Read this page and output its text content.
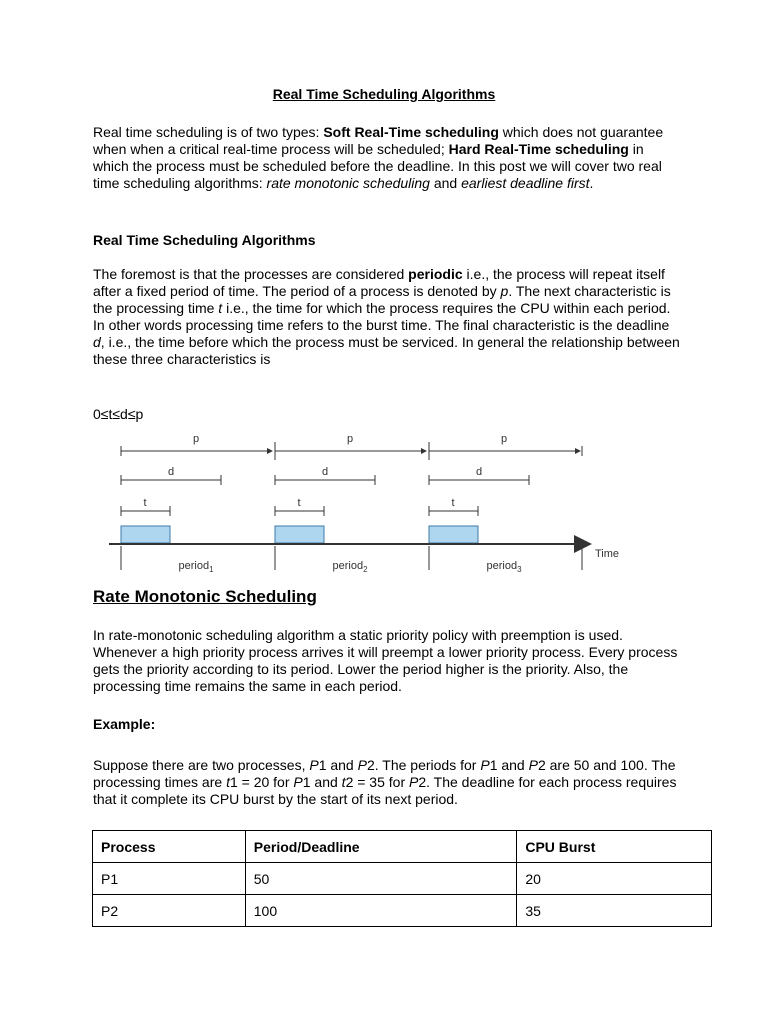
Real Time Scheduling Algorithms

Real time scheduling is of two types: Soft Real-Time scheduling which does not guarantee when when a critical real-time process will be scheduled; Hard Real-Time scheduling in which the process must be scheduled before the deadline. In this post we will cover two real time scheduling algorithms: rate monotonic scheduling and earliest deadline first.

Real Time Scheduling Algorithms

The foremost is that the processes are considered periodic i.e., the process will repeat itself after a fixed period of time. The period of a process is denoted by p. The next characteristic is the processing time t i.e., the time for which the process requires the CPU within each period. In other words processing time refers to the burst time. The final characteristic is the deadline d, i.e., the time before which the process must be serviced. In general the relationship between these three characteristics is

0≤t≤d≤p

p
d
t
period$_1$
p
d
t
period$_2$
p
d
t
period$_3$
Time
Rate Monotonic Scheduling

In rate-monotonic scheduling algorithm a static priority policy with preemption is used. Whenever a high priority process arrives it will preempt a lower priority process. Every process gets the priority according to its period. Lower the period higher is the priority. Also, the processing time remains the same in each period.

Example:

Suppose there are two processes, P1 and P2. The periods for P1 and P2 are 50 and 100. The processing times are t1 = 20 for P1 and t2 = 35 for P2. The deadline for each process requires that it complete its CPU burst by the start of its next period.

Process	Period/Deadline	CPU Burst
P1	50	20
P2	100	35
